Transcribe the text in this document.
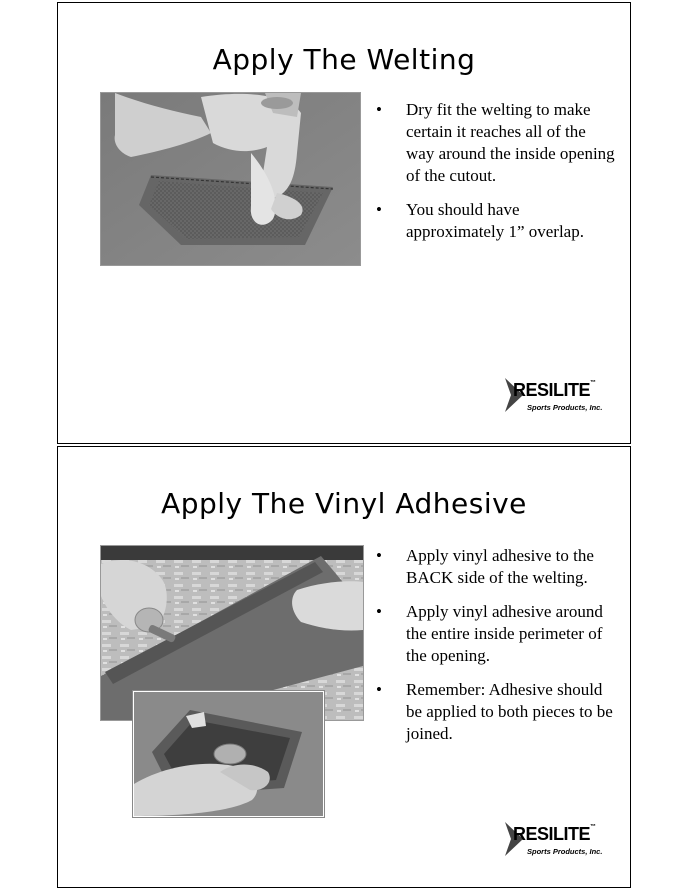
Apply The Welting
• Dry fit the welting to make certain it reaches all of the way around the inside opening of the cutout.
• You should have approximately 1” overlap.
RESILITE™
Sports Products, Inc.
Apply The Vinyl Adhesive
• Apply vinyl adhesive to the BACK side of the welting.
• Apply vinyl adhesive around the entire inside perimeter of the opening.
• Remember: Adhesive should be applied to both pieces to be joined.
RESILITE™
Sports Products, Inc.
